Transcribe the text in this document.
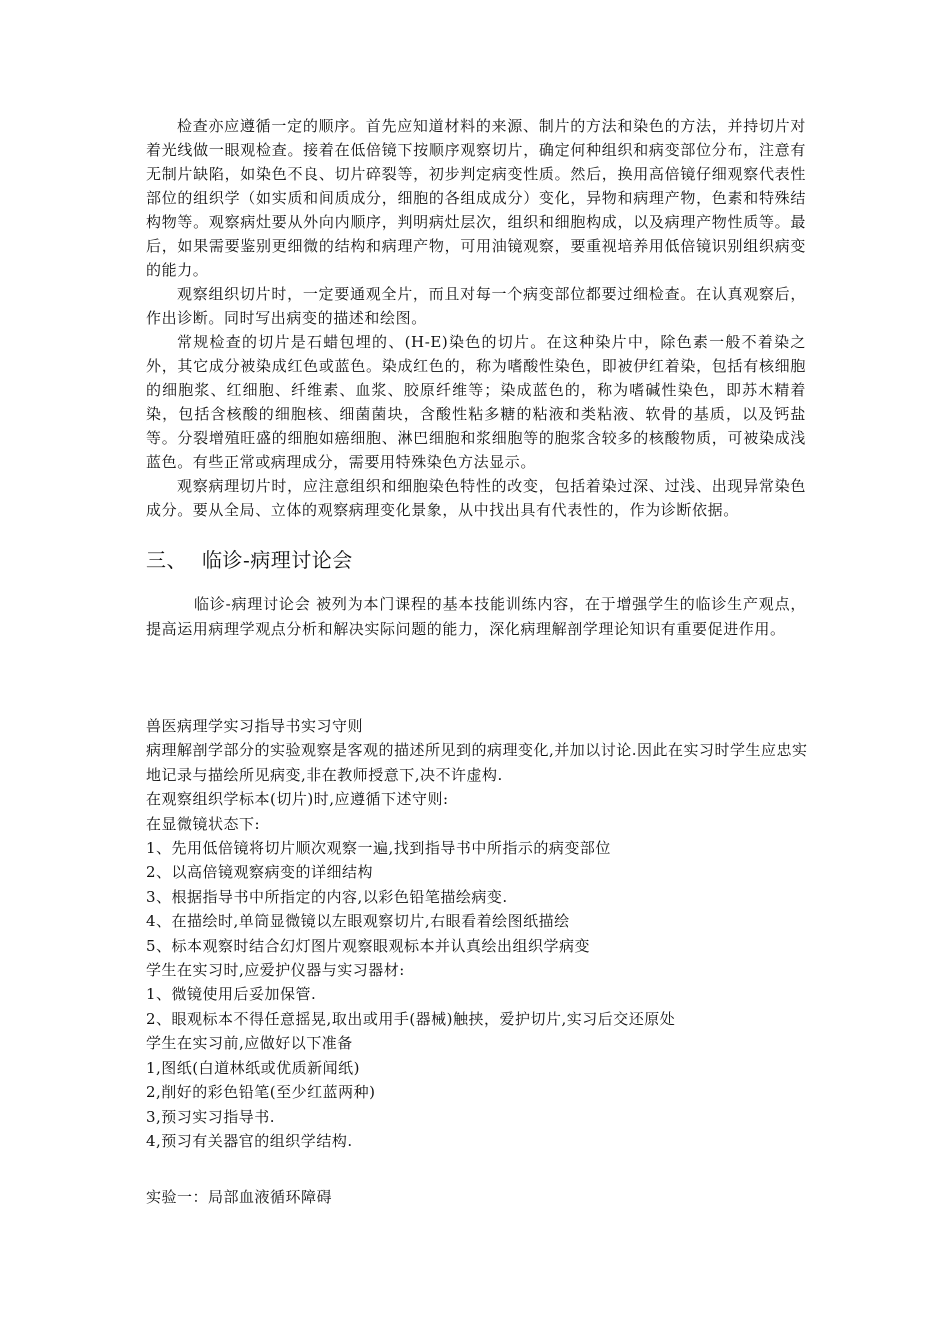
检查亦应遵循一定的顺序。首先应知道材料的来源、制片的方法和染色的方法，并持切片对着光线做一眼观检查。接着在低倍镜下按顺序观察切片，确定何种组织和病变部位分布，注意有无制片缺陷，如染色不良、切片碎裂等，初步判定病变性质。然后，换用高倍镜仔细观察代表性部位的组织学（如实质和间质成分，细胞的各组成成分）变化，异物和病理产物，色素和特殊结构物等。观察病灶要从外向内顺序，判明病灶层次，组织和细胞构成，以及病理产物性质等。最后，如果需要鉴别更细微的结构和病理产物，可用油镜观察，要重视培养用低倍镜识别组织病变的能力。

观察组织切片时，一定要通观全片，而且对每一个病变部位都要过细检查。在认真观察后，作出诊断。同时写出病变的描述和绘图。

常规检查的切片是石蜡包埋的、(H-E)染色的切片。在这种染片中，除色素一般不着染之外，其它成分被染成红色或蓝色。染成红色的，称为嗜酸性染色，即被伊红着染，包括有核细胞的细胞浆、红细胞、纤维素、血浆、胶原纤维等；染成蓝色的，称为嗜碱性染色，即苏木精着染，包括含核酸的细胞核、细菌菌块，含酸性粘多糖的粘液和类粘液、软骨的基质，以及钙盐等。分裂增殖旺盛的细胞如癌细胞、淋巴细胞和浆细胞等的胞浆含较多的核酸物质，可被染成浅蓝色。有些正常或病理成分，需要用特殊染色方法显示。

观察病理切片时，应注意组织和细胞染色特性的改变，包括着染过深、过浅、出现异常染色成分。要从全局、立体的观察病理变化景象，从中找出具有代表性的，作为诊断依据。

三、 临诊-病理讨论会

临诊-病理讨论会 被列为本门课程的基本技能训练内容，在于增强学生的临诊生产观点，提高运用病理学观点分析和解决实际问题的能力，深化病理解剖学理论知识有重要促进作用。

兽医病理学实习指导书实习守则
病理解剖学部分的实验观察是客观的描述所见到的病理变化,并加以讨论.因此在实习时学生应忠实地记录与描绘所见病变,非在教师授意下,决不许虚构.
在观察组织学标本(切片)时,应遵循下述守则:
在显微镜状态下:
1、先用低倍镜将切片顺次观察一遍,找到指导书中所指示的病变部位
2、以高倍镜观察病变的详细结构
3、根据指导书中所指定的内容,以彩色铅笔描绘病变.
4、在描绘时,单筒显微镜以左眼观察切片,右眼看着绘图纸描绘
5、标本观察时结合幻灯图片观察眼观标本并认真绘出组织学病变
学生在实习时,应爱护仪器与实习器材:
1、微镜使用后妥加保管.
2、眼观标本不得任意摇晃,取出或用手(器械)触挟，爱护切片,实习后交还原处
学生在实习前,应做好以下准备
1,图纸(白道林纸或优质新闻纸)
2,削好的彩色铅笔(至少红蓝两种)
3,预习实习指导书.
4,预习有关器官的组织学结构.
实验一：局部血液循环障碍
